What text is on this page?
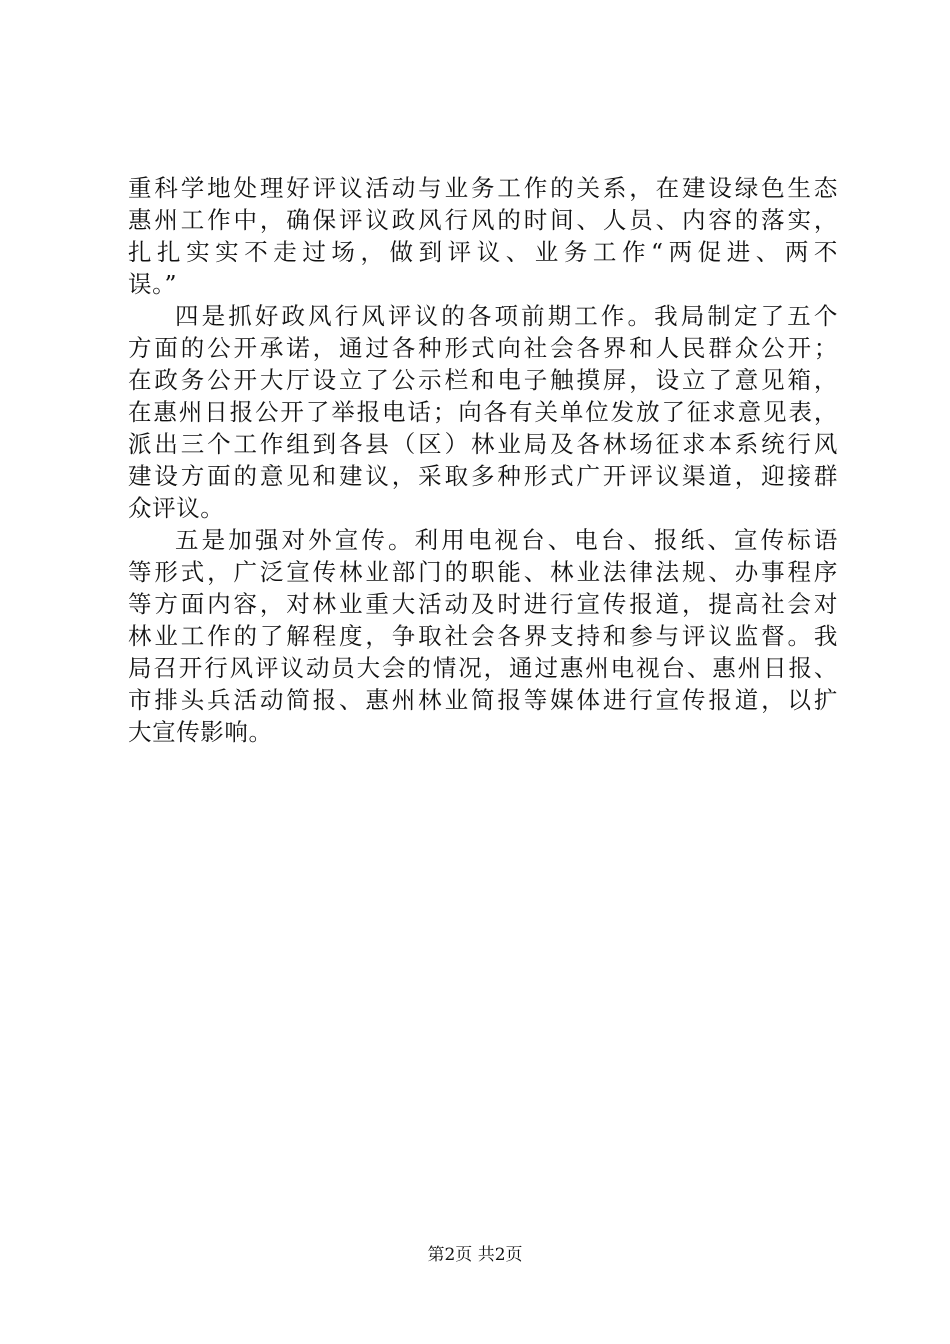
重科学地处理好评议活动与业务工作的关系，在建设绿色生态
惠州工作中，确保评议政风行风的时间、人员、内容的落实，
扎扎实实不走过场，做到评议、业务工作“两促进、两不
误。”
四是抓好政风行风评议的各项前期工作。我局制定了五个
方面的公开承诺，通过各种形式向社会各界和人民群众公开；
在政务公开大厅设立了公示栏和电子触摸屏，设立了意见箱，
在惠州日报公开了举报电话；向各有关单位发放了征求意见表，
派出三个工作组到各县（区）林业局及各林场征求本系统行风
建设方面的意见和建议，采取多种形式广开评议渠道，迎接群
众评议。
五是加强对外宣传。利用电视台、电台、报纸、宣传标语
等形式，广泛宣传林业部门的职能、林业法律法规、办事程序
等方面内容，对林业重大活动及时进行宣传报道，提高社会对
林业工作的了解程度，争取社会各界支持和参与评议监督。我
局召开行风评议动员大会的情况，通过惠州电视台、惠州日报、
市排头兵活动简报、惠州林业简报等媒体进行宣传报道，以扩
大宣传影响。
第2页 共2页
